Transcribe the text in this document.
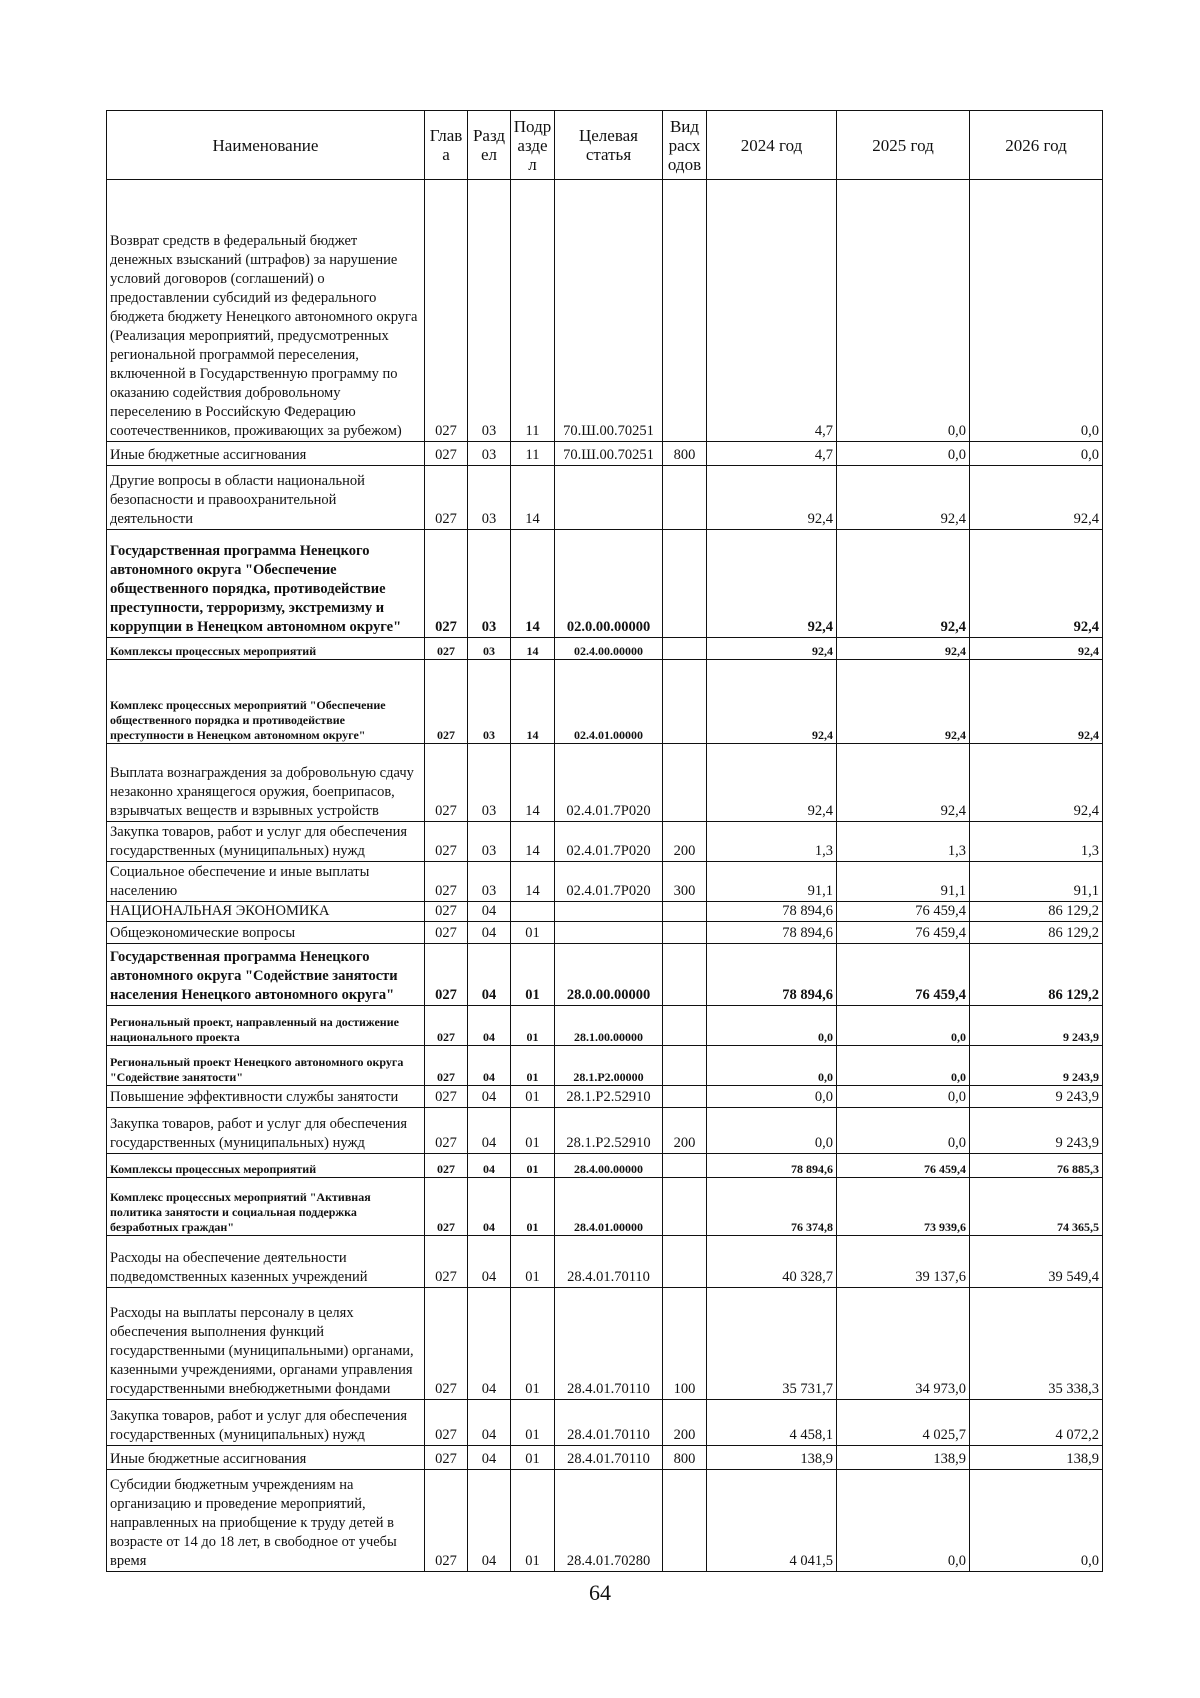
Наименование	Глав а	Разд ел	Подр азде л	Целевая статья	Вид расх одов	2024 год	2025 год	2026 год
Возврат средств в федеральный бюджет денежных взысканий (штрафов) за нарушение условий договоров (соглашений) о предоставлении субсидий из федерального бюджета бюджету Ненецкого автономного округа (Реализация мероприятий, предусмотренных региональной программой переселения, включенной в Государственную программу по оказанию содействия добровольному переселению в Российскую Федерацию соотечественников, проживающих за рубежом)	027	03	11	70.Ш.00.70251		4,7	0,0	0,0
Иные бюджетные ассигнования	027	03	11	70.Ш.00.70251	800	4,7	0,0	0,0
Другие вопросы в области национальной безопасности и правоохранительной деятельности	027	03	14			92,4	92,4	92,4
Государственная программа Ненецкого автономного округа "Обеспечение общественного порядка, противодействие преступности, терроризму, экстремизму и коррупции в Ненецком автономном округе"	027	03	14	02.0.00.00000		92,4	92,4	92,4
Комплексы процессных мероприятий	027	03	14	02.4.00.00000		92,4	92,4	92,4
Комплекс процессных мероприятий "Обеспечение общественного порядка и противодействие преступности в Ненецком автономном округе"	027	03	14	02.4.01.00000		92,4	92,4	92,4
Выплата вознаграждения за добровольную сдачу незаконно хранящегося оружия, боеприпасов, взрывчатых веществ и взрывных устройств	027	03	14	02.4.01.7Р020		92,4	92,4	92,4
Закупка товаров, работ и услуг для обеспечения государственных (муниципальных) нужд	027	03	14	02.4.01.7Р020	200	1,3	1,3	1,3
Социальное обеспечение и иные выплаты населению	027	03	14	02.4.01.7Р020	300	91,1	91,1	91,1
НАЦИОНАЛЬНАЯ ЭКОНОМИКА	027	04				78 894,6	76 459,4	86 129,2
Общеэкономические вопросы	027	04	01			78 894,6	76 459,4	86 129,2
Государственная программа Ненецкого автономного округа "Содействие занятости населения Ненецкого автономного округа"	027	04	01	28.0.00.00000		78 894,6	76 459,4	86 129,2
Региональный проект, направленный на достижение национального проекта	027	04	01	28.1.00.00000		0,0	0,0	9 243,9
Региональный проект Ненецкого автономного округа "Содействие занятости"	027	04	01	28.1.Р2.00000		0,0	0,0	9 243,9
Повышение эффективности службы занятости	027	04	01	28.1.Р2.52910		0,0	0,0	9 243,9
Закупка товаров, работ и услуг для обеспечения государственных (муниципальных) нужд	027	04	01	28.1.Р2.52910	200	0,0	0,0	9 243,9
Комплексы процессных мероприятий	027	04	01	28.4.00.00000		78 894,6	76 459,4	76 885,3
Комплекс процессных мероприятий "Активная политика занятости и социальная поддержка безработных граждан"	027	04	01	28.4.01.00000		76 374,8	73 939,6	74 365,5
Расходы на обеспечение деятельности подведомственных казенных учреждений	027	04	01	28.4.01.70110		40 328,7	39 137,6	39 549,4
Расходы на выплаты персоналу в целях обеспечения выполнения функций государственными (муниципальными) органами, казенными учреждениями, органами управления государственными внебюджетными фондами	027	04	01	28.4.01.70110	100	35 731,7	34 973,0	35 338,3
Закупка товаров, работ и услуг для обеспечения государственных (муниципальных) нужд	027	04	01	28.4.01.70110	200	4 458,1	4 025,7	4 072,2
Иные бюджетные ассигнования	027	04	01	28.4.01.70110	800	138,9	138,9	138,9
Субсидии бюджетным учреждениям на организацию и проведение мероприятий, направленных на приобщение к труду детей в возрасте от 14 до 18 лет, в свободное от учебы время	027	04	01	28.4.01.70280		4 041,5	0,0	0,0
64
